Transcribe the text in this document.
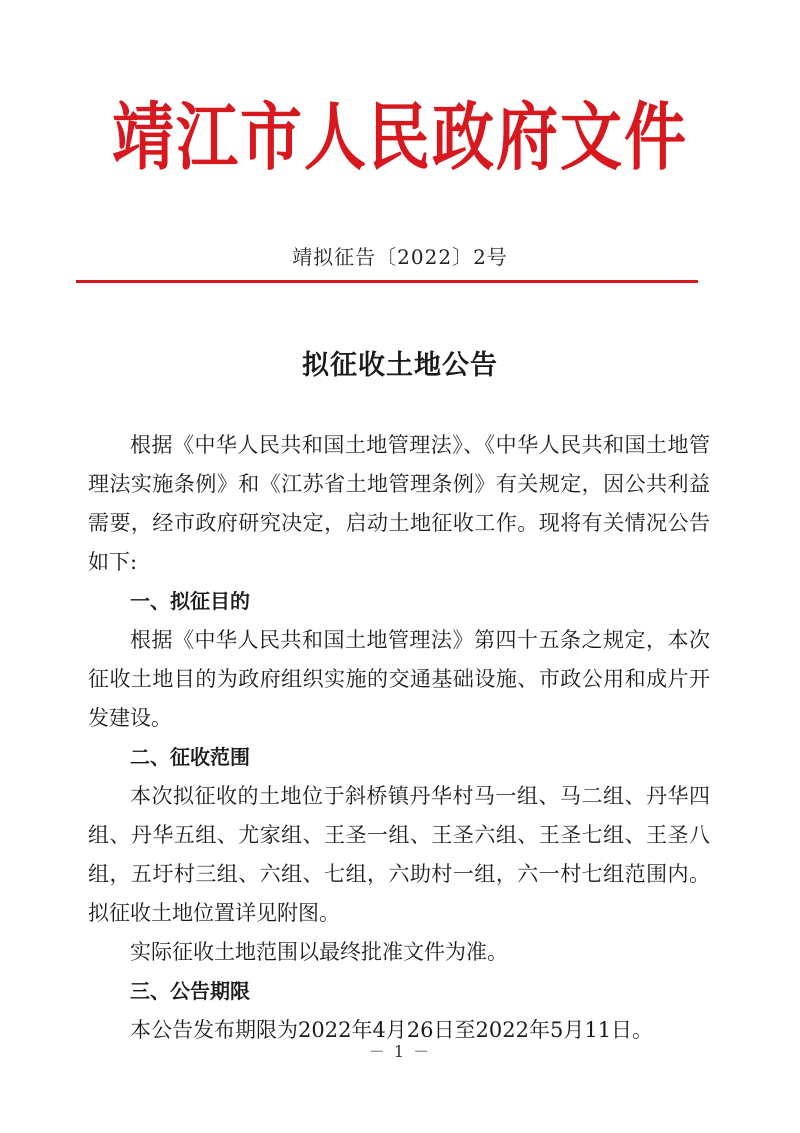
靖江市人民政府文件
靖拟征告〔2022〕2号
拟征收土地公告

根据《中华人民共和国土地管理法》、《中华人民共和国土地管理法实施条例》和《江苏省土地管理条例》有关规定，因公共利益需要，经市政府研究决定，启动土地征收工作。现将有关情况公告如下:

一、拟征目的

根据《中华人民共和国土地管理法》第四十五条之规定，本次征收土地目的为政府组织实施的交通基础设施、市政公用和成片开发建设。

二、征收范围

本次拟征收的土地位于斜桥镇丹华村马一组、马二组、丹华四组、丹华五组、尤家组、王圣一组、王圣六组、王圣七组、王圣八组，五圩村三组、六组、七组，六助村一组，六一村七组范围内。拟征收土地位置详见附图。

实际征收土地范围以最终批准文件为准。

三、公告期限

本公告发布期限为2022年4月26日至2022年5月11日。

－ 1 －
